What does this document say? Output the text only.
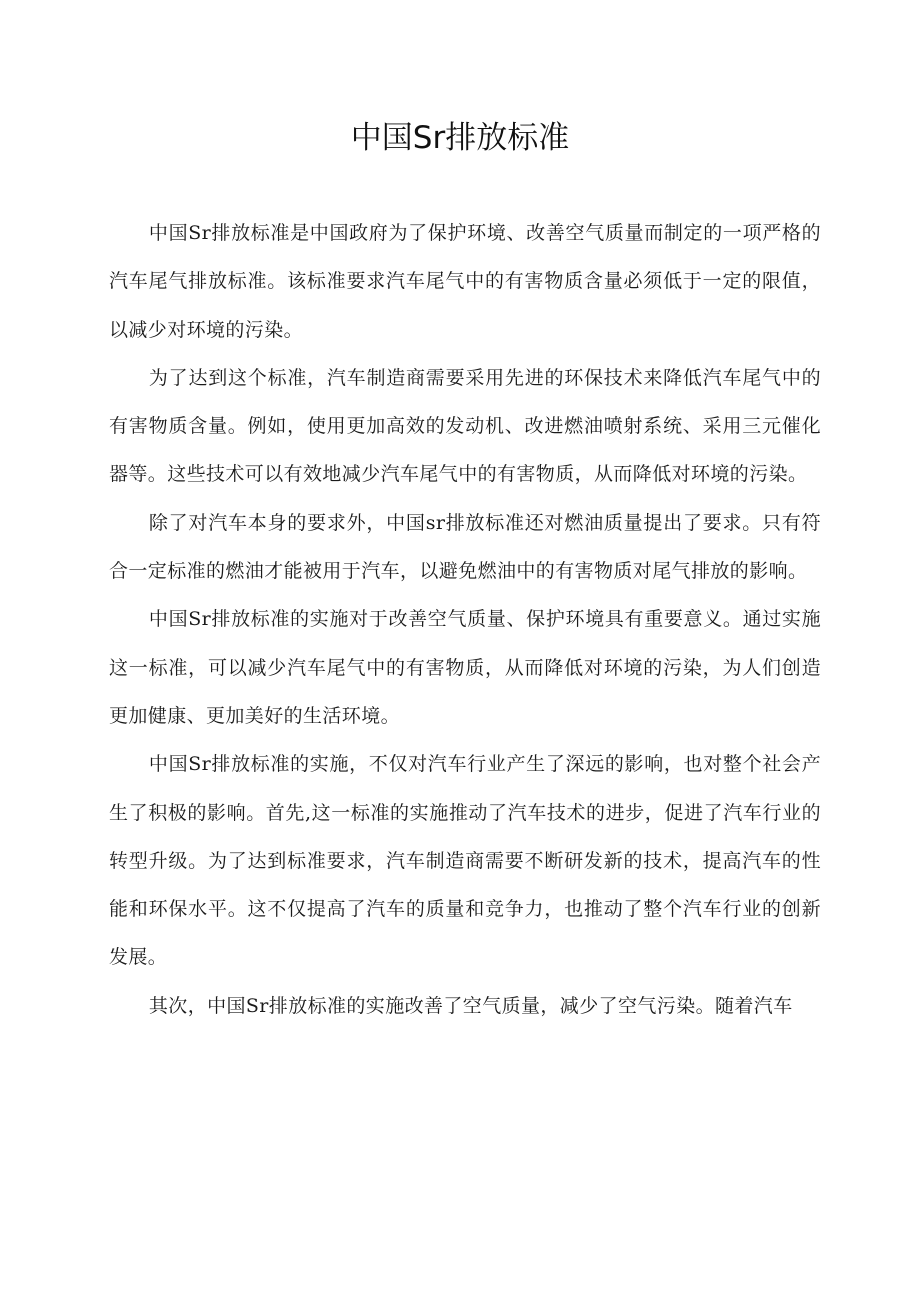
中国Sr排放标准

中国Sr排放标准是中国政府为了保护环境、改善空气质量而制定的一项严格的汽车尾气排放标准。该标准要求汽车尾气中的有害物质含量必须低于一定的限值，以减少对环境的污染。

为了达到这个标准，汽车制造商需要采用先进的环保技术来降低汽车尾气中的有害物质含量。例如，使用更加高效的发动机、改进燃油喷射系统、采用三元催化器等。这些技术可以有效地减少汽车尾气中的有害物质，从而降低对环境的污染。

除了对汽车本身的要求外，中国sr排放标准还对燃油质量提出了要求。只有符合一定标准的燃油才能被用于汽车，以避免燃油中的有害物质对尾气排放的影响。

中国Sr排放标准的实施对于改善空气质量、保护环境具有重要意义。通过实施这一标准，可以减少汽车尾气中的有害物质，从而降低对环境的污染，为人们创造更加健康、更加美好的生活环境。

中国Sr排放标准的实施，不仅对汽车行业产生了深远的影响，也对整个社会产生了积极的影响。首先,这一标准的实施推动了汽车技术的进步，促进了汽车行业的转型升级。为了达到标准要求，汽车制造商需要不断研发新的技术，提高汽车的性能和环保水平。这不仅提高了汽车的质量和竞争力，也推动了整个汽车行业的创新发展。

其次，中国Sr排放标准的实施改善了空气质量，减少了空气污染。随着汽车
